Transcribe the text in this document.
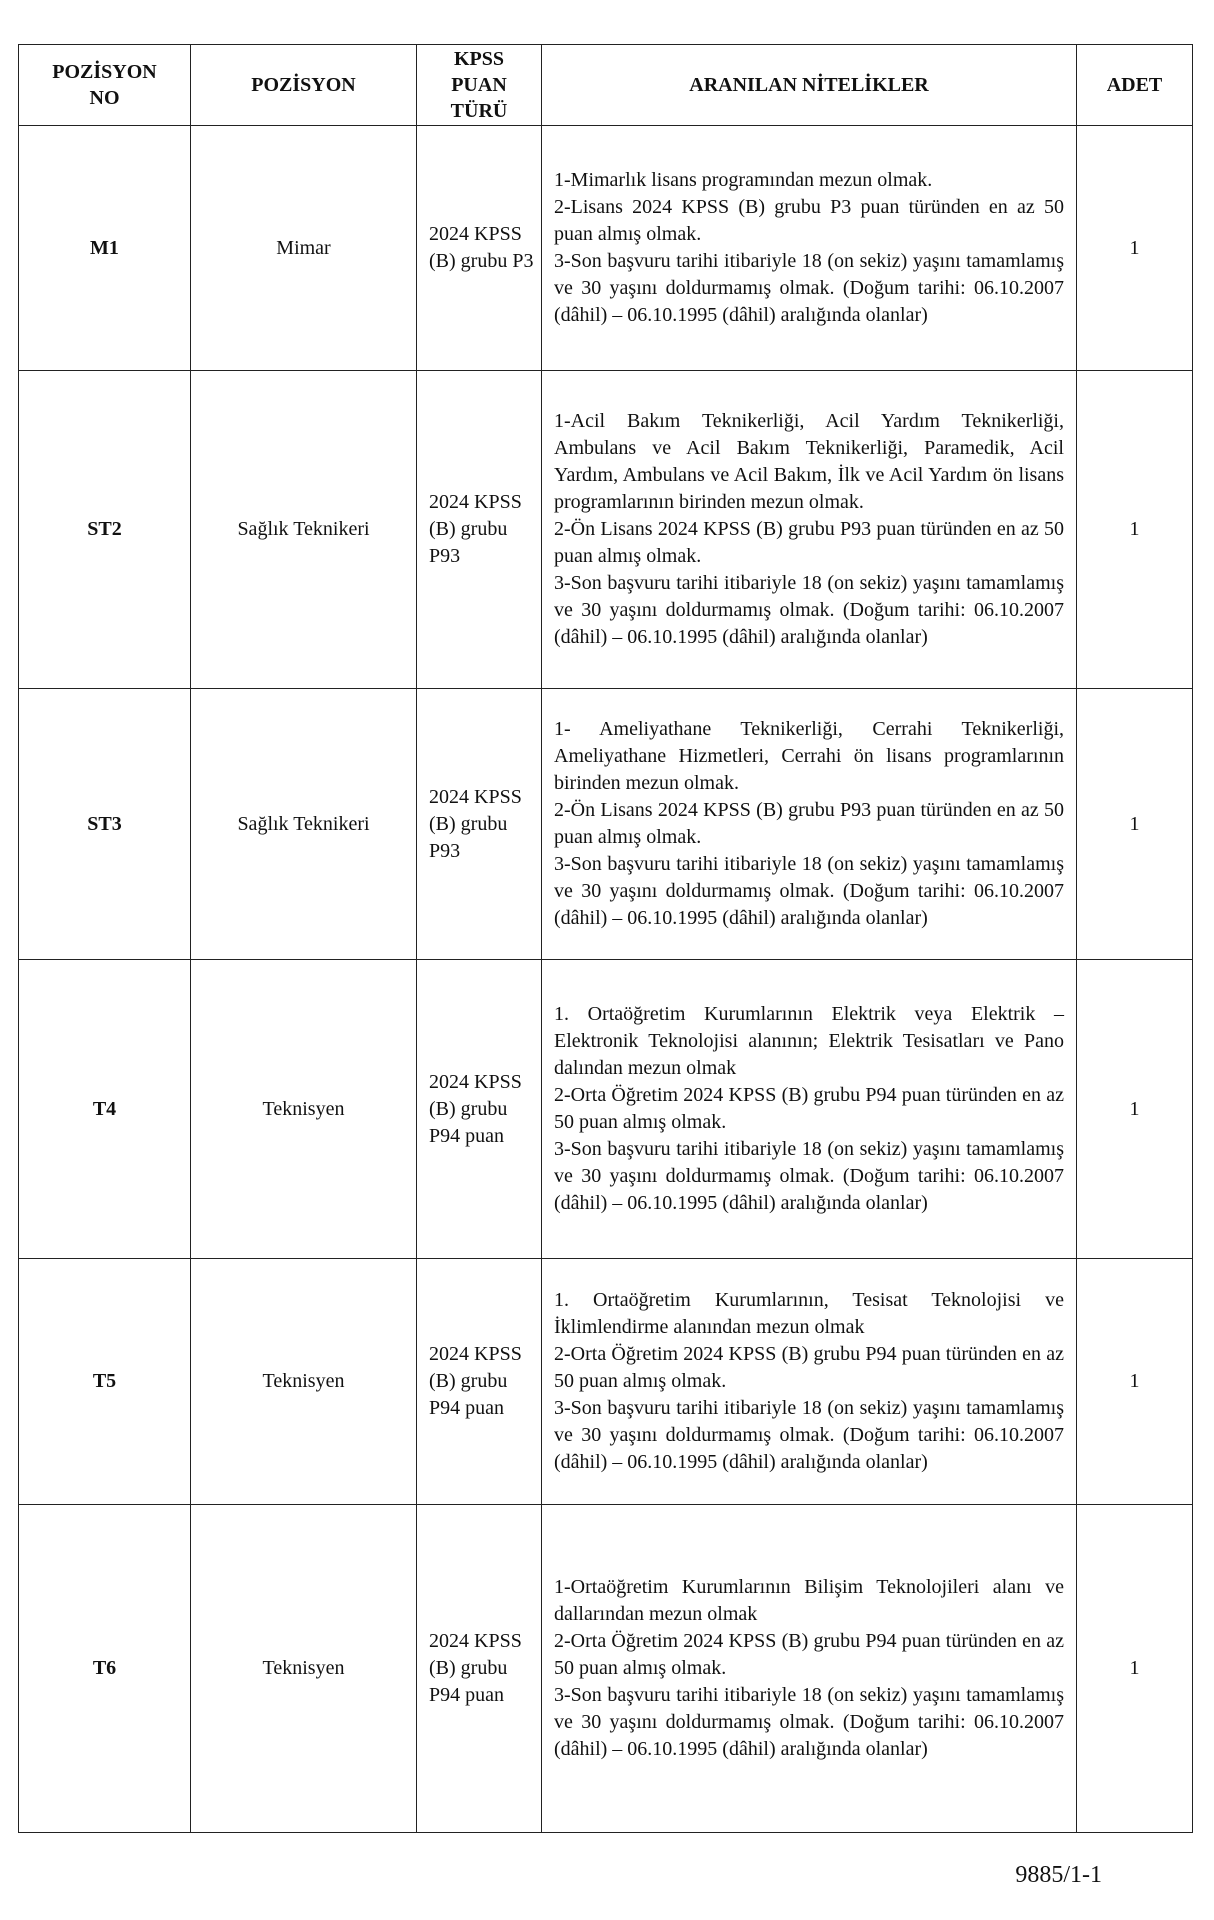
POZİSYON NO	POZİSYON	KPSS PUAN TÜRÜ	ARANILAN NİTELİKLER	ADET
M1	Mimar	2024 KPSS (B) grubu P3	1-Mimarlık lisans programından mezun olmak.
2-Lisans 2024 KPSS (B) grubu P3 puan türünden en az 50 puan almış olmak.
3-Son başvuru tarihi itibariyle 18 (on sekiz) yaşını tamamlamış ve 30 yaşını doldurmamış olmak. (Doğum tarihi: 06.10.2007 (dâhil) – 06.10.1995 (dâhil) aralığında olanlar)	1
ST2	Sağlık Teknikeri	2024 KPSS (B) grubu P93	1-Acil Bakım Teknikerliği, Acil Yardım Teknikerliği, Ambulans ve Acil Bakım Teknikerliği, Paramedik, Acil Yardım, Ambulans ve Acil Bakım, İlk ve Acil Yardım ön lisans programlarının birinden mezun olmak.
2-Ön Lisans 2024 KPSS (B) grubu P93 puan türünden en az 50 puan almış olmak.
3-Son başvuru tarihi itibariyle 18 (on sekiz) yaşını tamamlamış ve 30 yaşını doldurmamış olmak. (Doğum tarihi: 06.10.2007 (dâhil) – 06.10.1995 (dâhil) aralığında olanlar)	1
ST3	Sağlık Teknikeri	2024 KPSS (B) grubu P93	1- Ameliyathane Teknikerliği, Cerrahi Teknikerliği, Ameliyathane Hizmetleri, Cerrahi ön lisans programlarının birinden mezun olmak.
2-Ön Lisans 2024 KPSS (B) grubu P93 puan türünden en az 50 puan almış olmak.
3-Son başvuru tarihi itibariyle 18 (on sekiz) yaşını tamamlamış ve 30 yaşını doldurmamış olmak. (Doğum tarihi: 06.10.2007 (dâhil) – 06.10.1995 (dâhil) aralığında olanlar)	1
T4	Teknisyen	2024 KPSS (B) grubu P94 puan	1. Ortaöğretim Kurumlarının Elektrik veya Elektrik – Elektronik Teknolojisi alanının; Elektrik Tesisatları ve Pano dalından mezun olmak
2-Orta Öğretim 2024 KPSS (B) grubu P94 puan türünden en az 50 puan almış olmak.
3-Son başvuru tarihi itibariyle 18 (on sekiz) yaşını tamamlamış ve 30 yaşını doldurmamış olmak. (Doğum tarihi: 06.10.2007 (dâhil) – 06.10.1995 (dâhil) aralığında olanlar)	1
T5	Teknisyen	2024 KPSS (B) grubu P94 puan	1. Ortaöğretim Kurumlarının, Tesisat Teknolojisi ve İklimlendirme alanından mezun olmak
2-Orta Öğretim 2024 KPSS (B) grubu P94 puan türünden en az 50 puan almış olmak.
3-Son başvuru tarihi itibariyle 18 (on sekiz) yaşını tamamlamış ve 30 yaşını doldurmamış olmak. (Doğum tarihi: 06.10.2007 (dâhil) – 06.10.1995 (dâhil) aralığında olanlar)	1
T6	Teknisyen	2024 KPSS (B) grubu P94 puan	1-Ortaöğretim Kurumlarının Bilişim Teknolojileri alanı ve dallarından mezun olmak
2-Orta Öğretim 2024 KPSS (B) grubu P94 puan türünden en az 50 puan almış olmak.
3-Son başvuru tarihi itibariyle 18 (on sekiz) yaşını tamamlamış ve 30 yaşını doldurmamış olmak. (Doğum tarihi: 06.10.2007 (dâhil) – 06.10.1995 (dâhil) aralığında olanlar)	1
9885/1-1
